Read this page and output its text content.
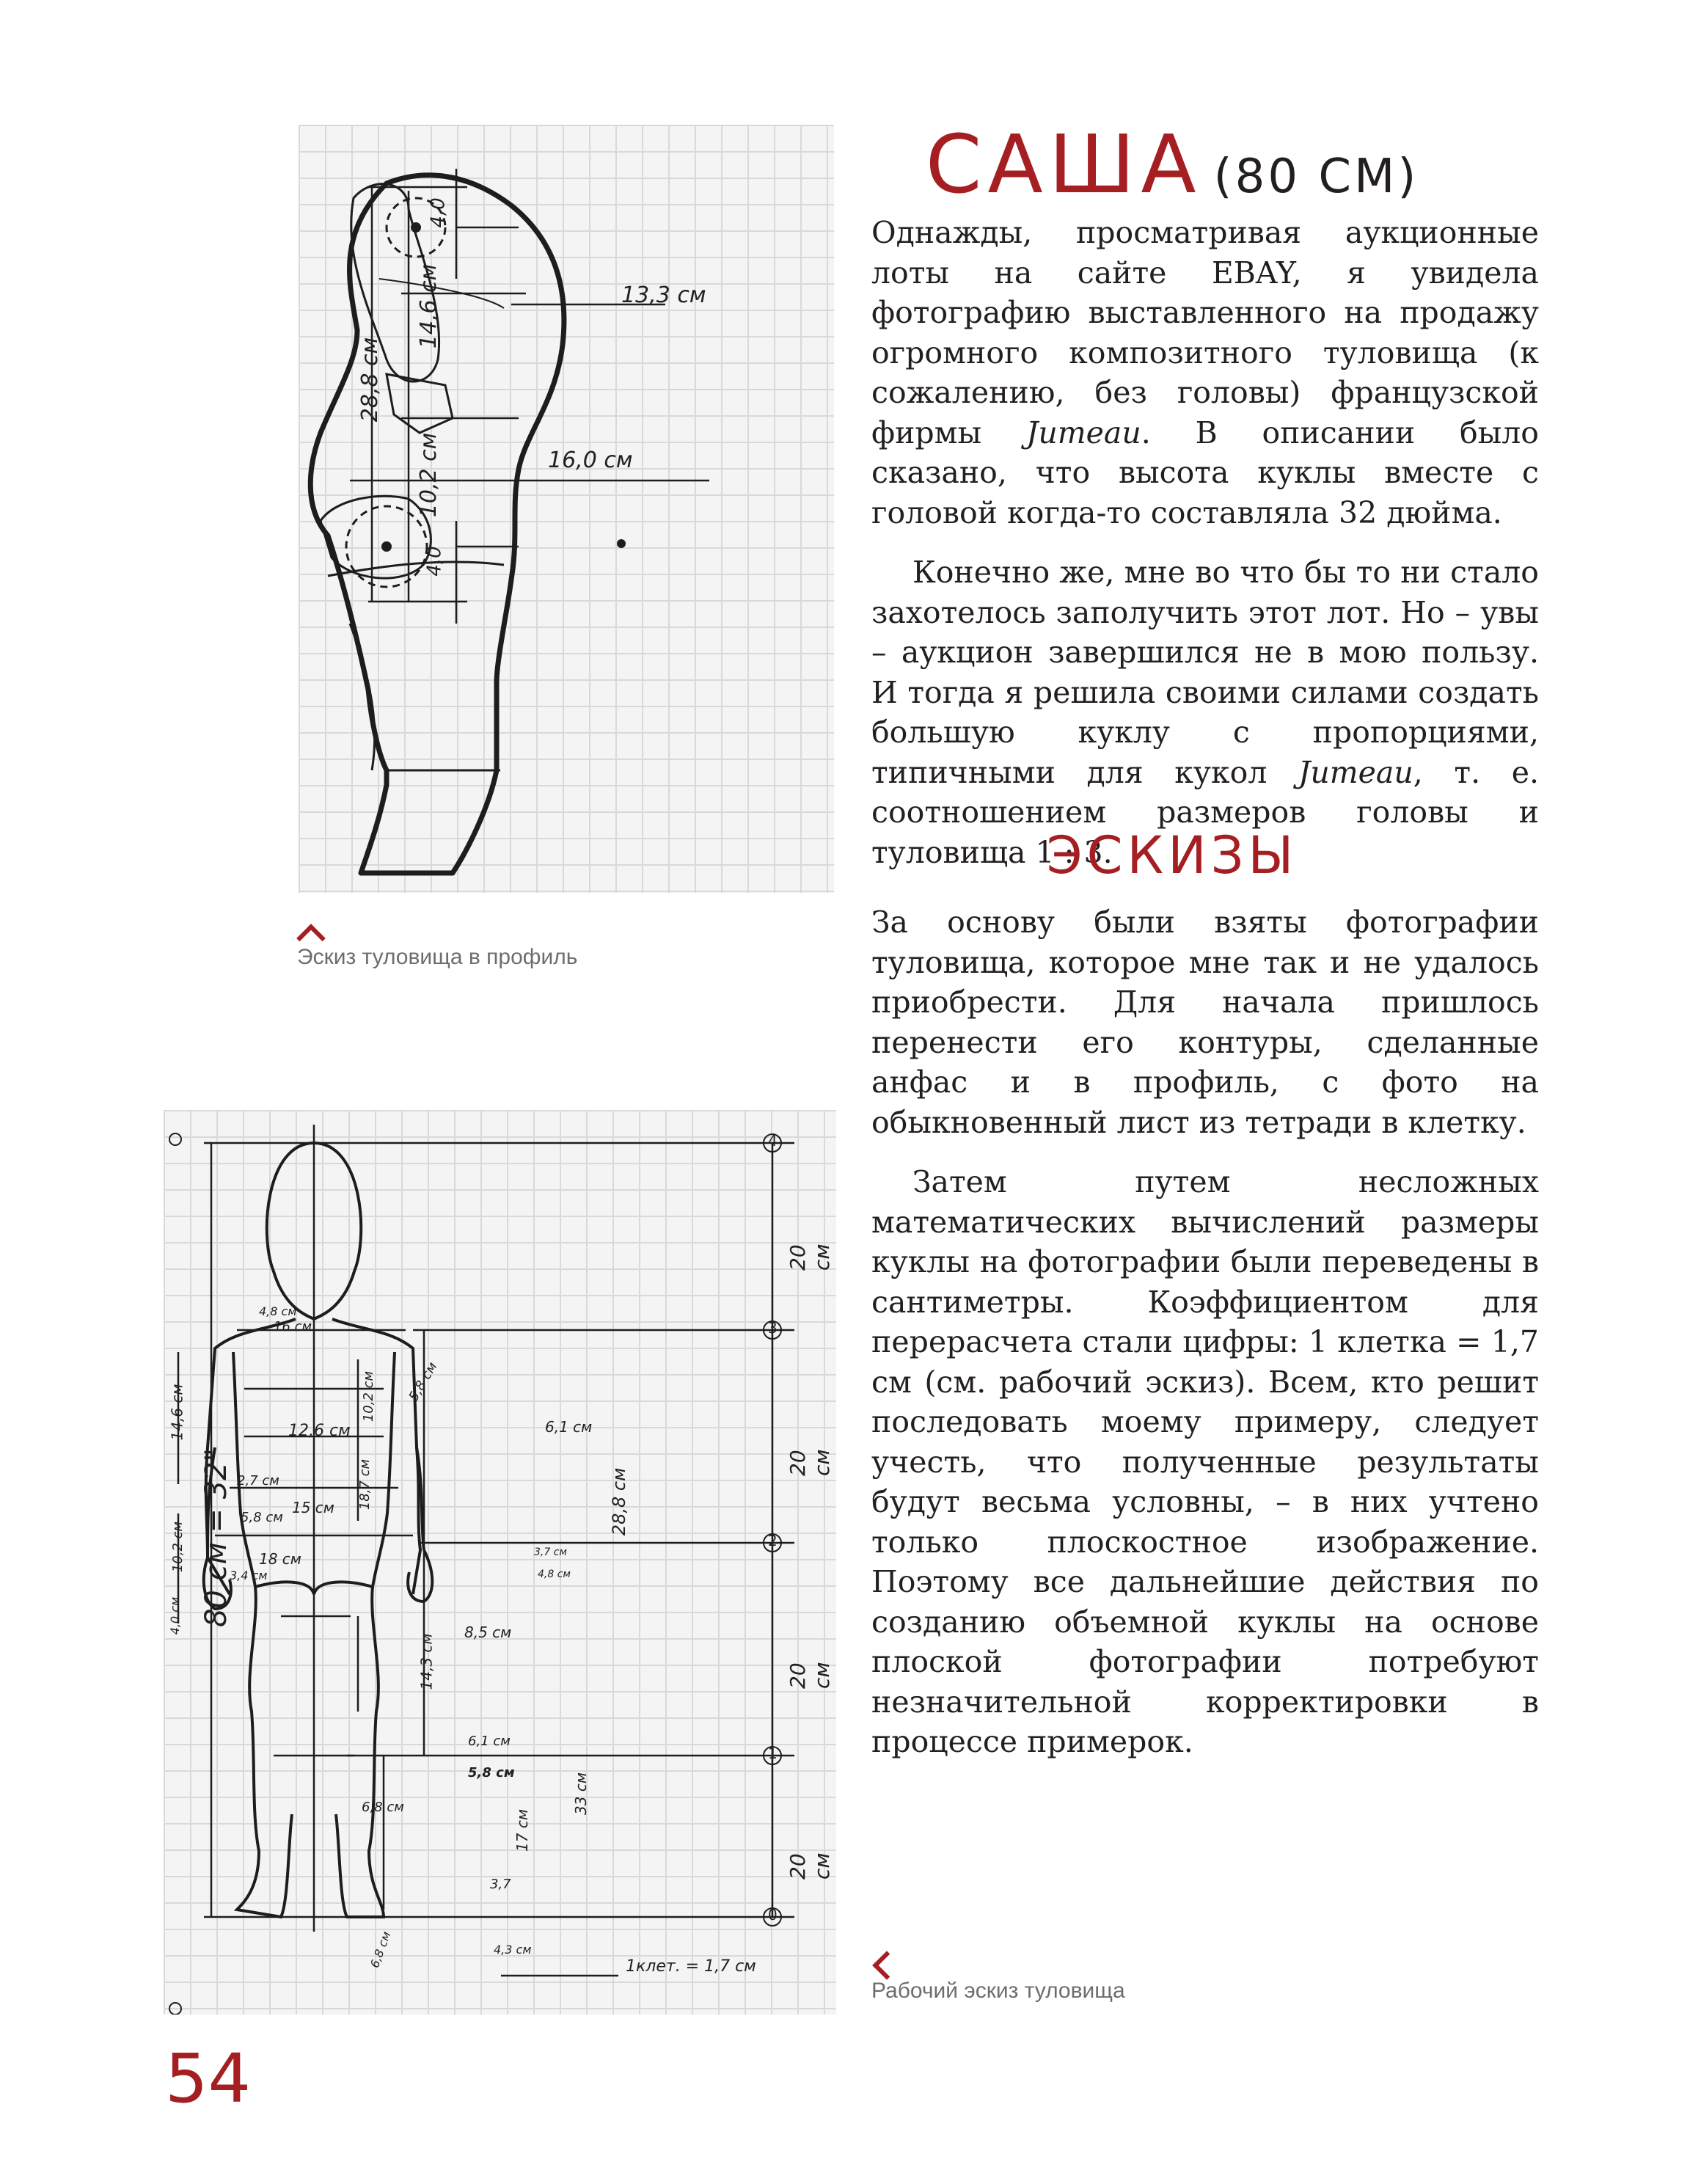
4,0
14,6 см
28,8 см
13,3 см
10,2 см	16,0 см
4,0
Эскиз туловища в профиль
80 см = 32"
20 см
20 см
20 см
20 см
4
3
2
1
0
4,8 см
16 см
12,6 см
15 см
18 см
5,8 см
6,1 см
14,6 см
28,8 см
10,2 см
18,7 см
2,7 см
5,8 см
10,2 см
3,4 см
4,0 см	8,5 см
14,3 см
6,1 см
5,8 см
6,8 см	33 см
17 см
3,7
4,3 см
6,8 см
3,7 см
4,8 см
1клет. = 1,7 см
Рабочий эскиз туловища
САША (80 СМ)

Однажды, просматривая аукционные лоты на сайте EBAY, я увидела фотографию выставленного на продажу огромного композитного туловища (к сожалению, без головы) французской фирмы Jumeau. В описании было сказано, что высота куклы вместе с головой когда-то составляла 32 дюйма.

Конечно же, мне во что бы то ни стало захотелось заполучить этот лот. Но – увы – аукцион завершился не в мою пользу. И тогда я решила своими силами создать большую куклу с пропорциями, типичными для кукол Jumeau, т. е. соотношением размеров головы и туловища 1 : 3.

ЭСКИЗЫ

За основу были взяты фотографии туловища, которое мне так и не удалось приобрести. Для начала пришлось перенести его контуры, сделанные анфас и в профиль, с фото на обыкновенный лист из тетради в клетку.

Затем путем несложных математических вычислений размеры куклы на фотографии были переведены в сантиметры. Коэффициентом для перерасчета стали цифры: 1 клетка = 1,7 см (см. рабочий эскиз). Всем, кто решит последовать моему примеру, следует учесть, что полученные результаты будут весьма условны, – в них учтено только плоскостное изображение. Поэтому все дальнейшие действия по созданию объемной куклы на основе плоской фотографии потребуют незначительной корректировки в процессе примерок.

54
